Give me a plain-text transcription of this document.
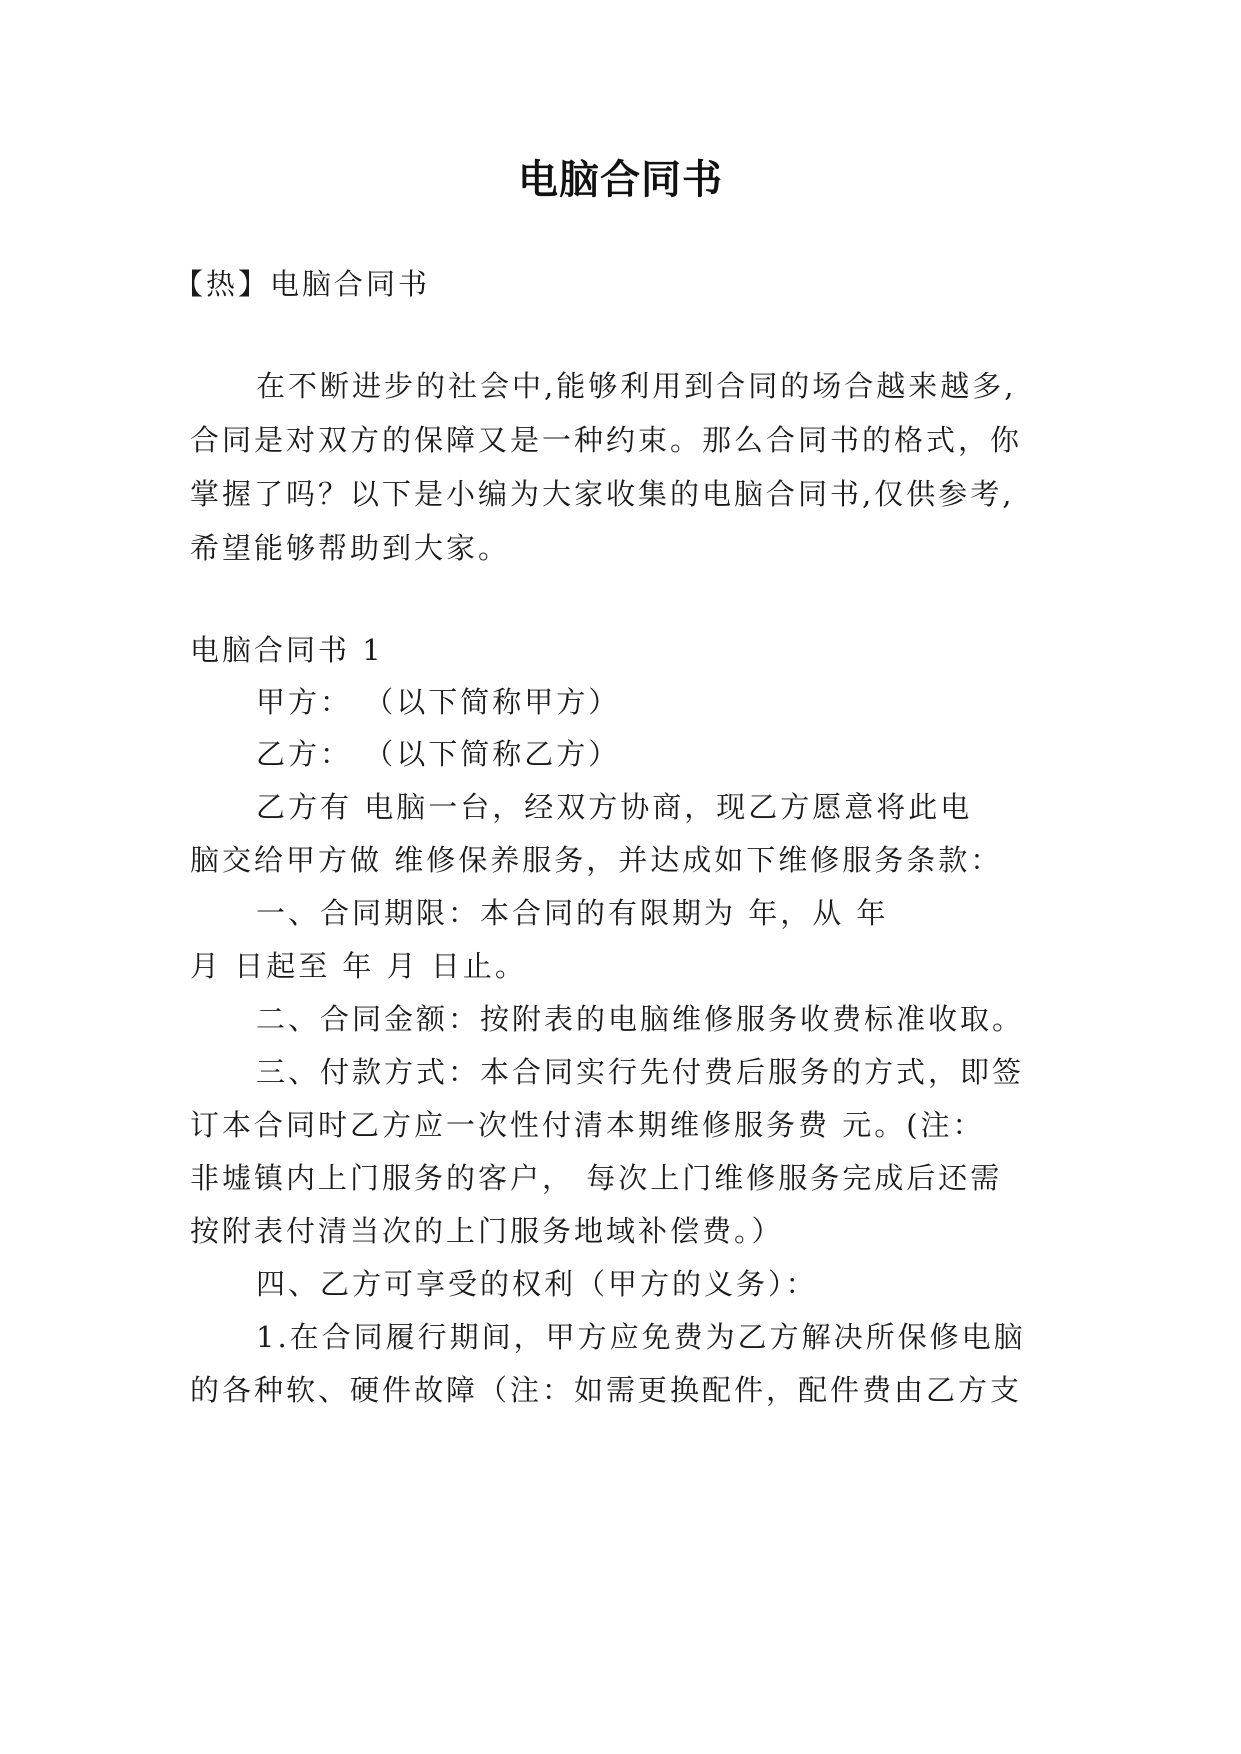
电脑合同书
【热】电脑合同书
在不断进步的社会中,能够利用到合同的场合越来越多,
合同是对双方的保障又是一种约束。那么合同书的格式，你
掌握了吗？以下是小编为大家收集的电脑合同书,仅供参考,
希望能够帮助到大家。
电脑合同书 1
甲方： （以下简称甲方）
乙方： （以下简称乙方）
乙方有 电脑一台，经双方协商，现乙方愿意将此电
脑交给甲方做 维修保养服务，并达成如下维修服务条款：
一、合同期限：本合同的有限期为 年，从 年
月 日起至 年 月 日止。
二、合同金额：按附表的电脑维修服务收费标准收取。
三、付款方式：本合同实行先付费后服务的方式，即签
订本合同时乙方应一次性付清本期维修服务费 元。(注：
非墟镇内上门服务的客户， 每次上门维修服务完成后还需
按附表付清当次的上门服务地域补偿费。）
四、乙方可享受的权利（甲方的义务）：
1.在合同履行期间，甲方应免费为乙方解决所保修电脑
的各种软、硬件故障（注：如需更换配件，配件费由乙方支
